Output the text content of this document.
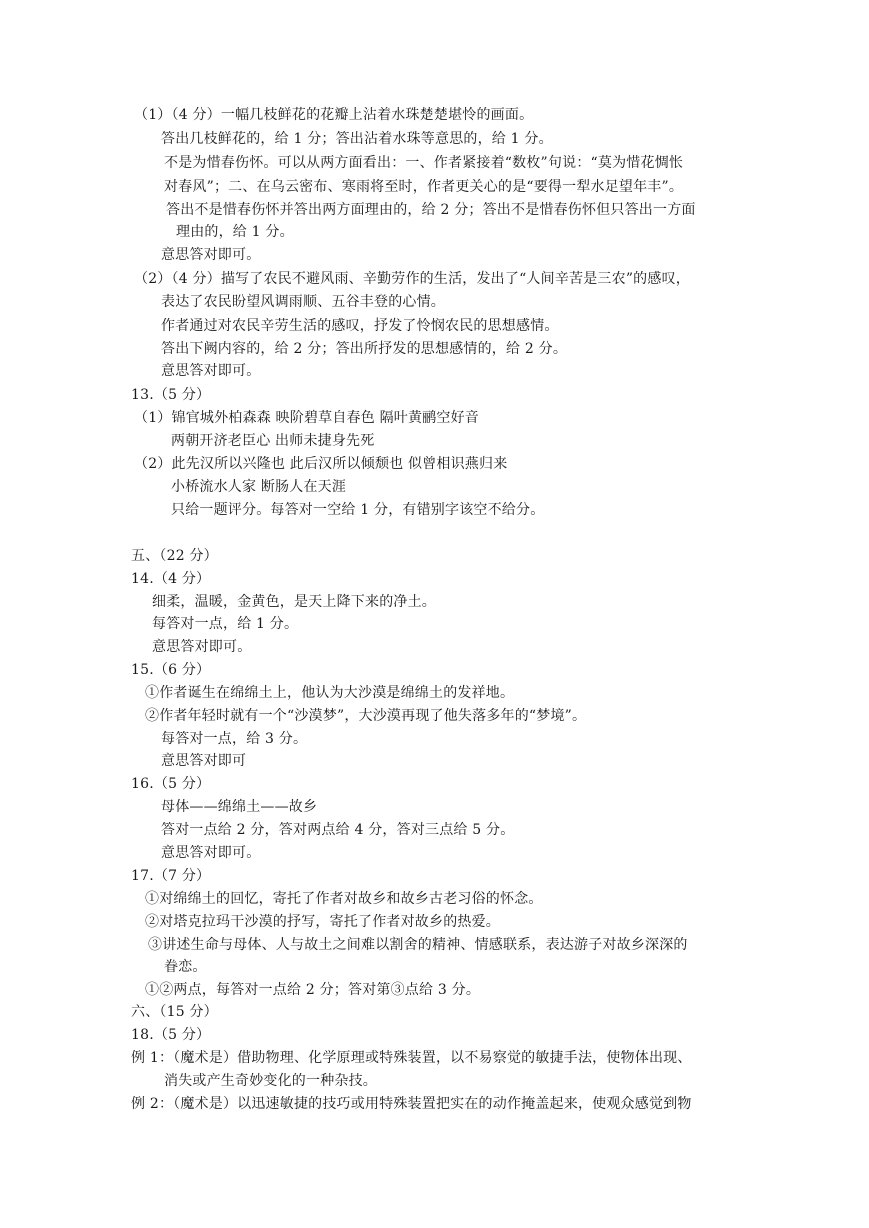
（1）（4 分）一幅几枝鲜花的花瓣上沾着水珠楚楚堪怜的画面。
答出几枝鲜花的，给 1 分；答出沾着水珠等意思的，给 1 分。
不是为惜春伤怀。可以从两方面看出：一、作者紧接着“数枚”句说：“莫为惜花惆怅
对春风”；二、在乌云密布、寒雨将至时，作者更关心的是“要得一犁水足望年丰”。
答出不是惜春伤怀并答出两方面理由的，给 2 分；答出不是惜春伤怀但只答出一方面
理由的，给 1 分。
意思答对即可。
（2）（4 分）描写了农民不避风雨、辛勤劳作的生活，发出了“人间辛苦是三农”的感叹，
表达了农民盼望风调雨顺、五谷丰登的心情。
作者通过对农民辛劳生活的感叹，抒发了怜悯农民的思想感情。
答出下阙内容的，给 2 分；答出所抒发的思想感情的，给 2 分。
意思答对即可。
13.（5 分）
（1）锦官城外柏森森 映阶碧草自春色 隔叶黄鹂空好音
两朝开济老臣心 出师未捷身先死
（2）此先汉所以兴隆也 此后汉所以倾颓也 似曾相识燕归来
小桥流水人家 断肠人在天涯
只给一题评分。每答对一空给 1 分，有错别字该空不给分。
五、（22 分）
14.（4 分）
细柔，温暖，金黄色，是天上降下来的净土。
每答对一点，给 1 分。
意思答对即可。
15.（6 分）
①作者诞生在绵绵土上，他认为大沙漠是绵绵土的发祥地。
②作者年轻时就有一个“沙漠梦”，大沙漠再现了他失落多年的“梦境”。
每答对一点，给 3 分。
意思答对即可
16.（5 分）
母体——绵绵土——故乡
答对一点给 2 分，答对两点给 4 分，答对三点给 5 分。
意思答对即可。
17.（7 分）
①对绵绵土的回忆，寄托了作者对故乡和故乡古老习俗的怀念。
②对塔克拉玛干沙漠的抒写，寄托了作者对故乡的热爱。
③讲述生命与母体、人与故土之间难以割舍的精神、情感联系，表达游子对故乡深深的
眷恋。
①②两点，每答对一点给 2 分；答对第③点给 3 分。
六、（15 分）
18.（5 分）
例 1：（魔术是）借助物理、化学原理或特殊装置，以不易察觉的敏捷手法，使物体出现、
消失或产生奇妙变化的一种杂技。
例 2：（魔术是）以迅速敏捷的技巧或用特殊装置把实在的动作掩盖起来，使观众感觉到物
